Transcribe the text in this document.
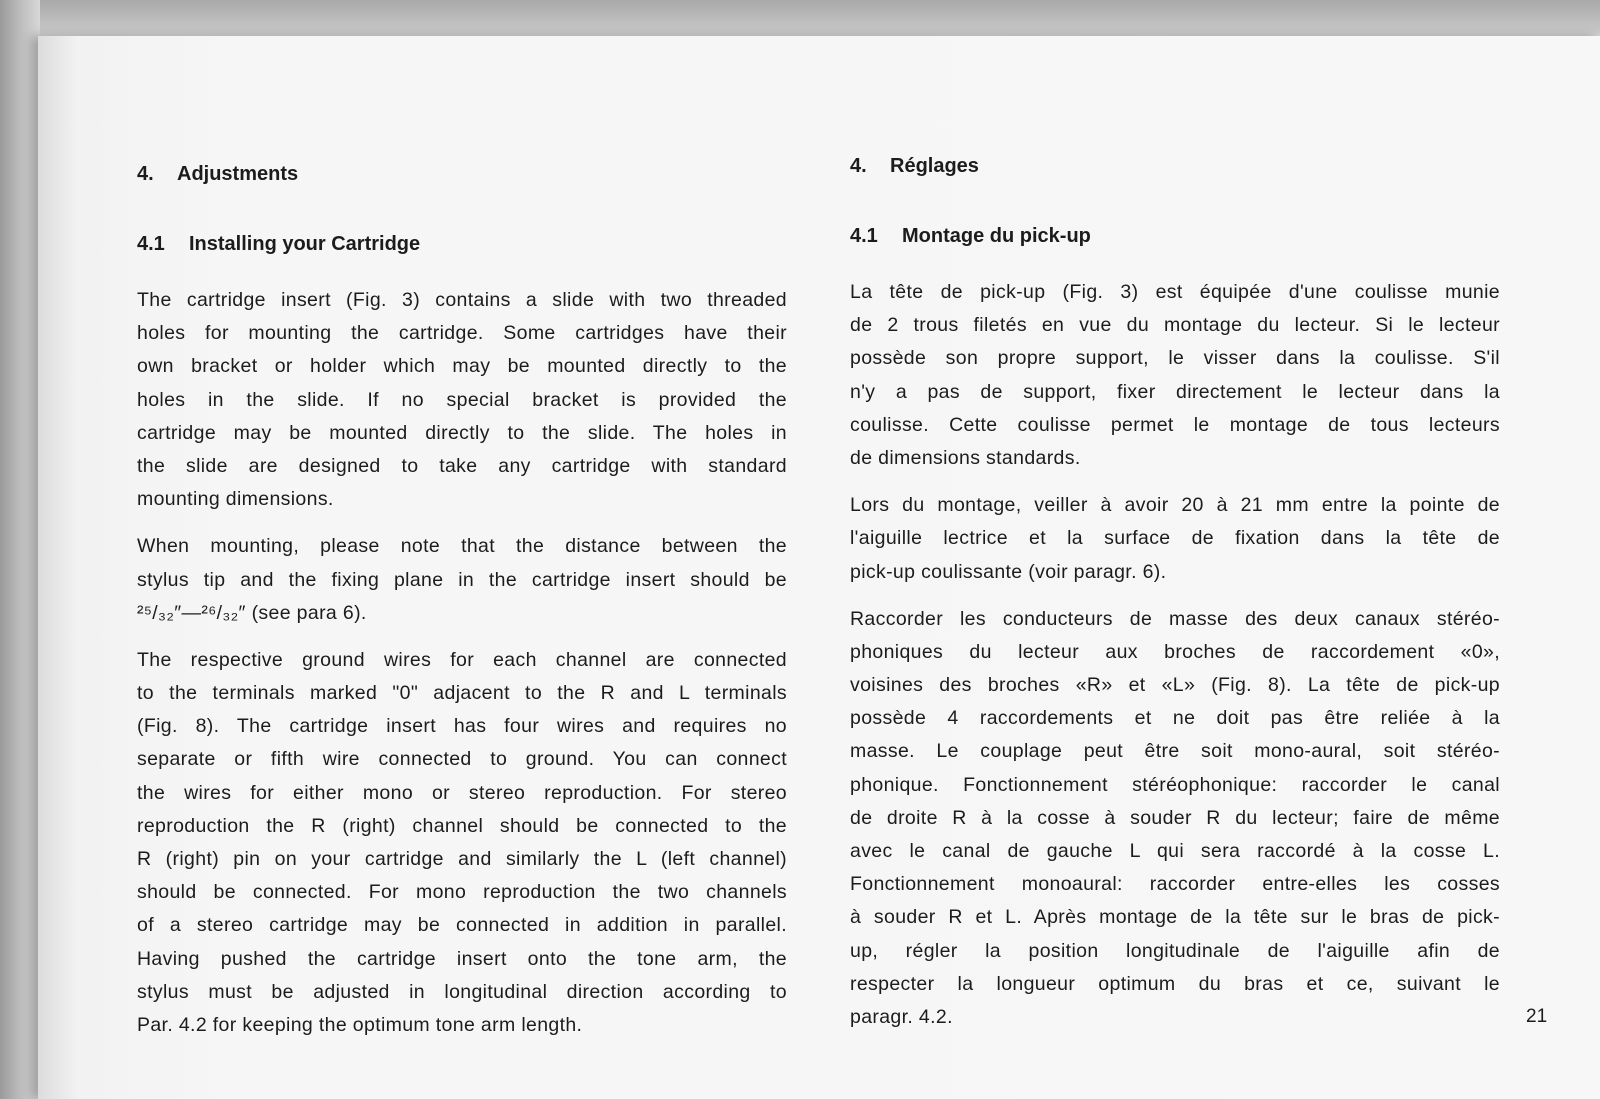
4. Adjustments
4.1 Installing your Cartridge
The cartridge insert (Fig. 3) contains a slide with two threaded
holes for mounting the cartridge. Some cartridges have their
own bracket or holder which may be mounted directly to the
holes in the slide. If no special bracket is provided the
cartridge may be mounted directly to the slide. The holes in
the slide are designed to take any cartridge with standard
mounting dimensions.
When mounting, please note that the distance between the
stylus tip and the fixing plane in the cartridge insert should be
²⁵/₃₂″—²⁶/₃₂″ (see para 6).
The respective ground wires for each channel are connected
to the terminals marked "0" adjacent to the R and L terminals
(Fig. 8). The cartridge insert has four wires and requires no
separate or fifth wire connected to ground. You can connect
the wires for either mono or stereo reproduction. For stereo
reproduction the R (right) channel should be connected to the
R (right) pin on your cartridge and similarly the L (left channel)
should be connected. For mono reproduction the two channels
of a stereo cartridge may be connected in addition in parallel.
Having pushed the cartridge insert onto the tone arm, the
stylus must be adjusted in longitudinal direction according to
Par. 4.2 for keeping the optimum tone arm length.
4. Réglages
4.1 Montage du pick-up
La tête de pick-up (Fig. 3) est équipée d'une coulisse munie
de 2 trous filetés en vue du montage du lecteur. Si le lecteur
possède son propre support, le visser dans la coulisse. S'il
n'y a pas de support, fixer directement le lecteur dans la
coulisse. Cette coulisse permet le montage de tous lecteurs
de dimensions standards.
Lors du montage, veiller à avoir 20 à 21 mm entre la pointe de
l'aiguille lectrice et la surface de fixation dans la tête de
pick-up coulissante (voir paragr. 6).
Raccorder les conducteurs de masse des deux canaux stéréo-
phoniques du lecteur aux broches de raccordement «0»,
voisines des broches «R» et «L» (Fig. 8). La tête de pick-up
possède 4 raccordements et ne doit pas être reliée à la
masse. Le couplage peut être soit mono-aural, soit stéréo-
phonique. Fonctionnement stéréophonique: raccorder le canal
de droite R à la cosse à souder R du lecteur; faire de même
avec le canal de gauche L qui sera raccordé à la cosse L.
Fonctionnement monoaural: raccorder entre-elles les cosses
à souder R et L. Après montage de la tête sur le bras de pick-
up, régler la position longitudinale de l'aiguille afin de
respecter la longueur optimum du bras et ce, suivant le
paragr. 4.2.	21
